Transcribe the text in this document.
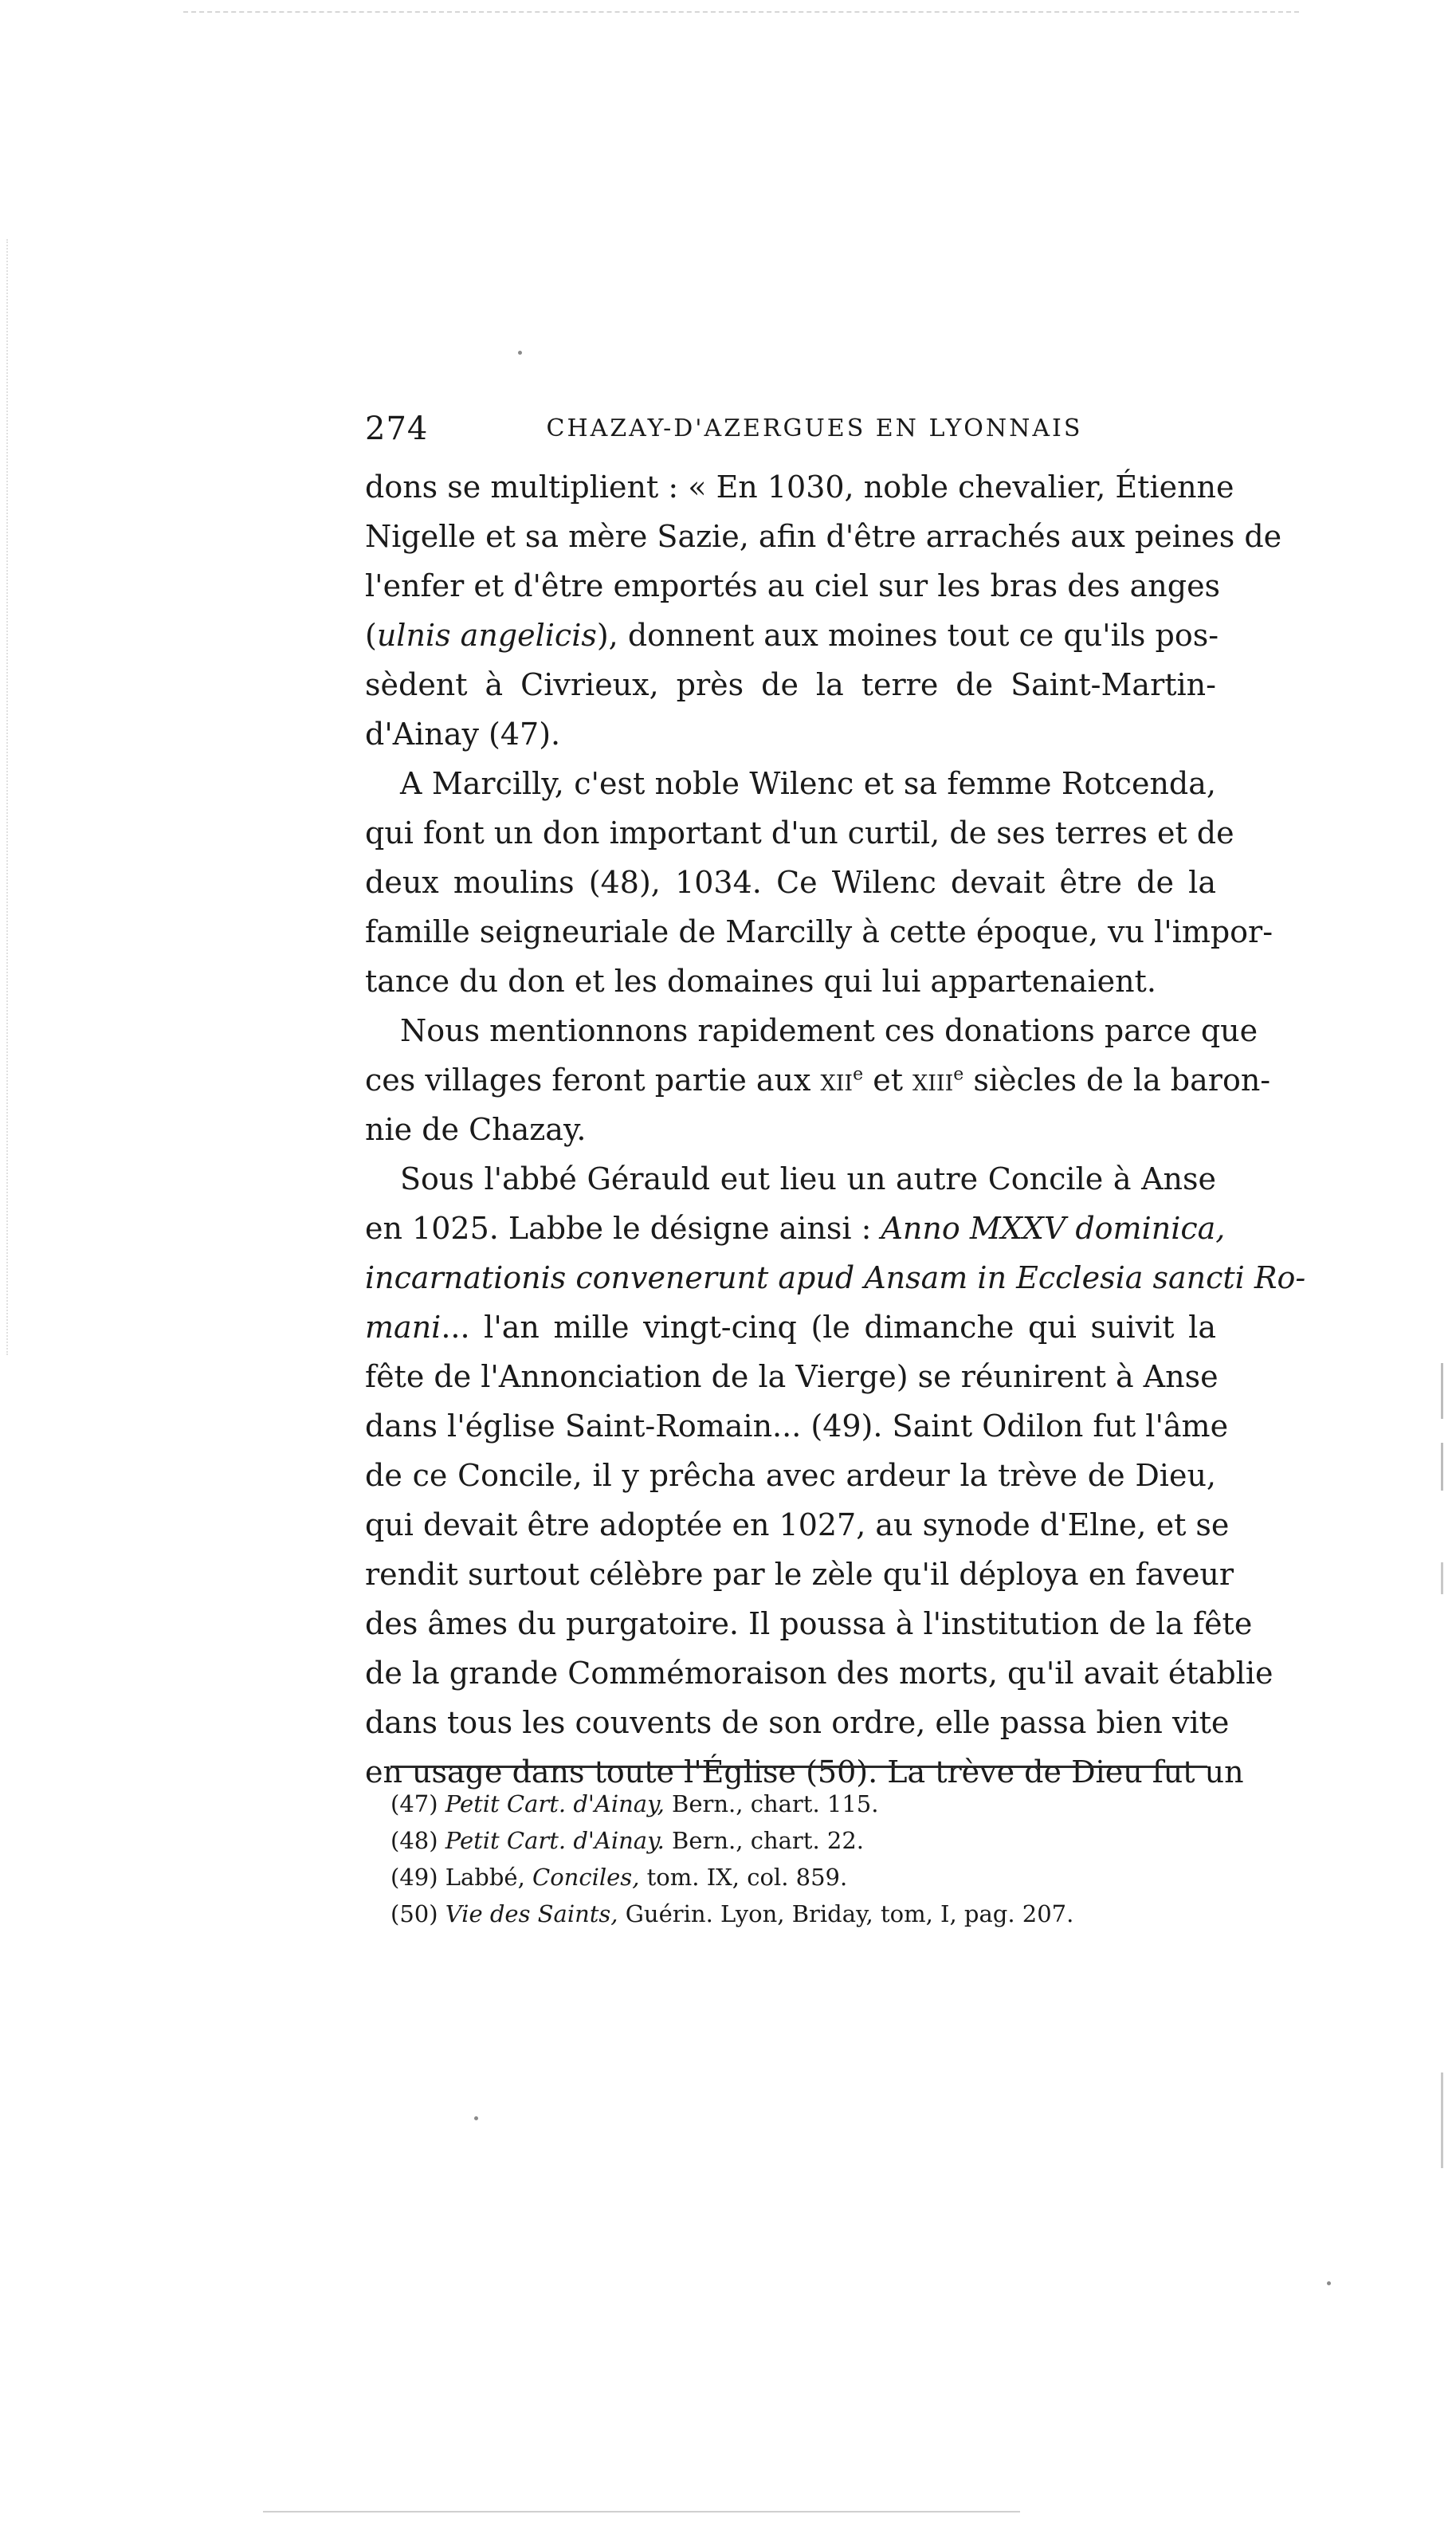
274	CHAZAY-D'AZERGUES EN LYONNAIS

dons se multiplient : « En 1030, noble chevalier, Étienne
Nigelle et sa mère Sazie, afin d'être arrachés aux peines de
l'enfer et d'être emportés au ciel sur les bras des anges
(ulnis angelicis), donnent aux moines tout ce qu'ils pos-
sèdent à Civrieux, près de la terre de Saint-Martin-
d'Ainay (47).

A Marcilly, c'est noble Wilenc et sa femme Rotcenda,
qui font un don important d'un curtil, de ses terres et de
deux moulins (48), 1034. Ce Wilenc devait être de la
famille seigneuriale de Marcilly à cette époque, vu l'impor-
tance du don et les domaines qui lui appartenaient.

Nous mentionnons rapidement ces donations parce que
ces villages feront partie aux xii$^e$ et xiii$^e$ siècles de la baron-
nie de Chazay.

Sous l'abbé Gérauld eut lieu un autre Concile à Anse
en 1025. Labbe le désigne ainsi : Anno MXXV dominica,
incarnationis convenerunt apud Ansam in Ecclesia sancti Ro-
mani... l'an mille vingt-cinq (le dimanche qui suivit la
fête de l'Annonciation de la Vierge) se réunirent à Anse
dans l'église Saint-Romain... (49). Saint Odilon fut l'âme
de ce Concile, il y prêcha avec ardeur la trève de Dieu,
qui devait être adoptée en 1027, au synode d'Elne, et se
rendit surtout célèbre par le zèle qu'il déploya en faveur
des âmes du purgatoire. Il poussa à l'institution de la fête
de la grande Commémoraison des morts, qu'il avait établie
dans tous les couvents de son ordre, elle passa bien vite
en usage dans toute l'Église (50). La trève de Dieu fut un

(47) Petit Cart. d'Ainay, Bern., chart. 115.
(48) Petit Cart. d'Ainay. Bern., chart. 22.
(49) Labbé, Conciles, tom. IX, col. 859.
(50) Vie des Saints, Guérin. Lyon, Briday, tom, I, pag. 207.
